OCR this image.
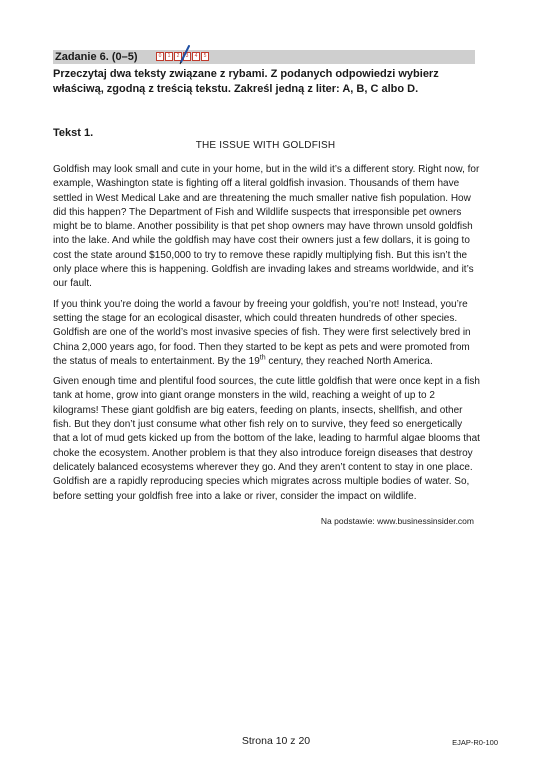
Zadanie 6. (0–5)	0	1	2	3	4	5

Przeczytaj dwa teksty związane z rybami. Z podanych odpowiedzi wybierz właściwą, zgodną z treścią tekstu. Zakreśl jedną z liter: A, B, C albo D.

Tekst 1.

THE ISSUE WITH GOLDFISH

Goldfish may look small and cute in your home, but in the wild it’s a different story. Right now, for example, Washington state is fighting off a literal goldfish invasion. Thousands of them have settled in West Medical Lake and are threatening the much smaller native fish population. How did this happen? The Department of Fish and Wildlife suspects that irresponsible pet owners might be to blame. Another possibility is that pet shop owners may have thrown unsold goldfish into the lake. And while the goldfish may have cost their owners just a few dollars, it is going to cost the state around $150,000 to try to remove these rapidly multiplying fish. But this isn’t the only place where this is happening. Goldfish are invading lakes and streams worldwide, and it’s our fault.

If you think you’re doing the world a favour by freeing your goldfish, you’re not! Instead, you’re setting the stage for an ecological disaster, which could threaten hundreds of other species. Goldfish are one of the world’s most invasive species of fish. They were first selectively bred in China 2,000 years ago, for food. Then they started to be kept as pets and were promoted from the status of meals to entertainment. By the 19th century, they reached North America.

Given enough time and plentiful food sources, the cute little goldfish that were once kept in a fish tank at home, grow into giant orange monsters in the wild, reaching a weight of up to 2 kilograms! These giant goldfish are big eaters, feeding on plants, insects, shellfish, and other fish. But they don’t just consume what other fish rely on to survive, they feed so energetically that a lot of mud gets kicked up from the bottom of the lake, leading to harmful algae blooms that choke the ecosystem. Another problem is that they also introduce foreign diseases that destroy delicately balanced ecosystems wherever they go. And they aren’t content to stay in one place. Goldfish are a rapidly reproducing species which migrates across multiple bodies of water. So, before setting your goldfish free into a lake or river, consider the impact on wildlife.

Na podstawie: www.businessinsider.com

Strona 10 z 20	EJAP-R0-100
